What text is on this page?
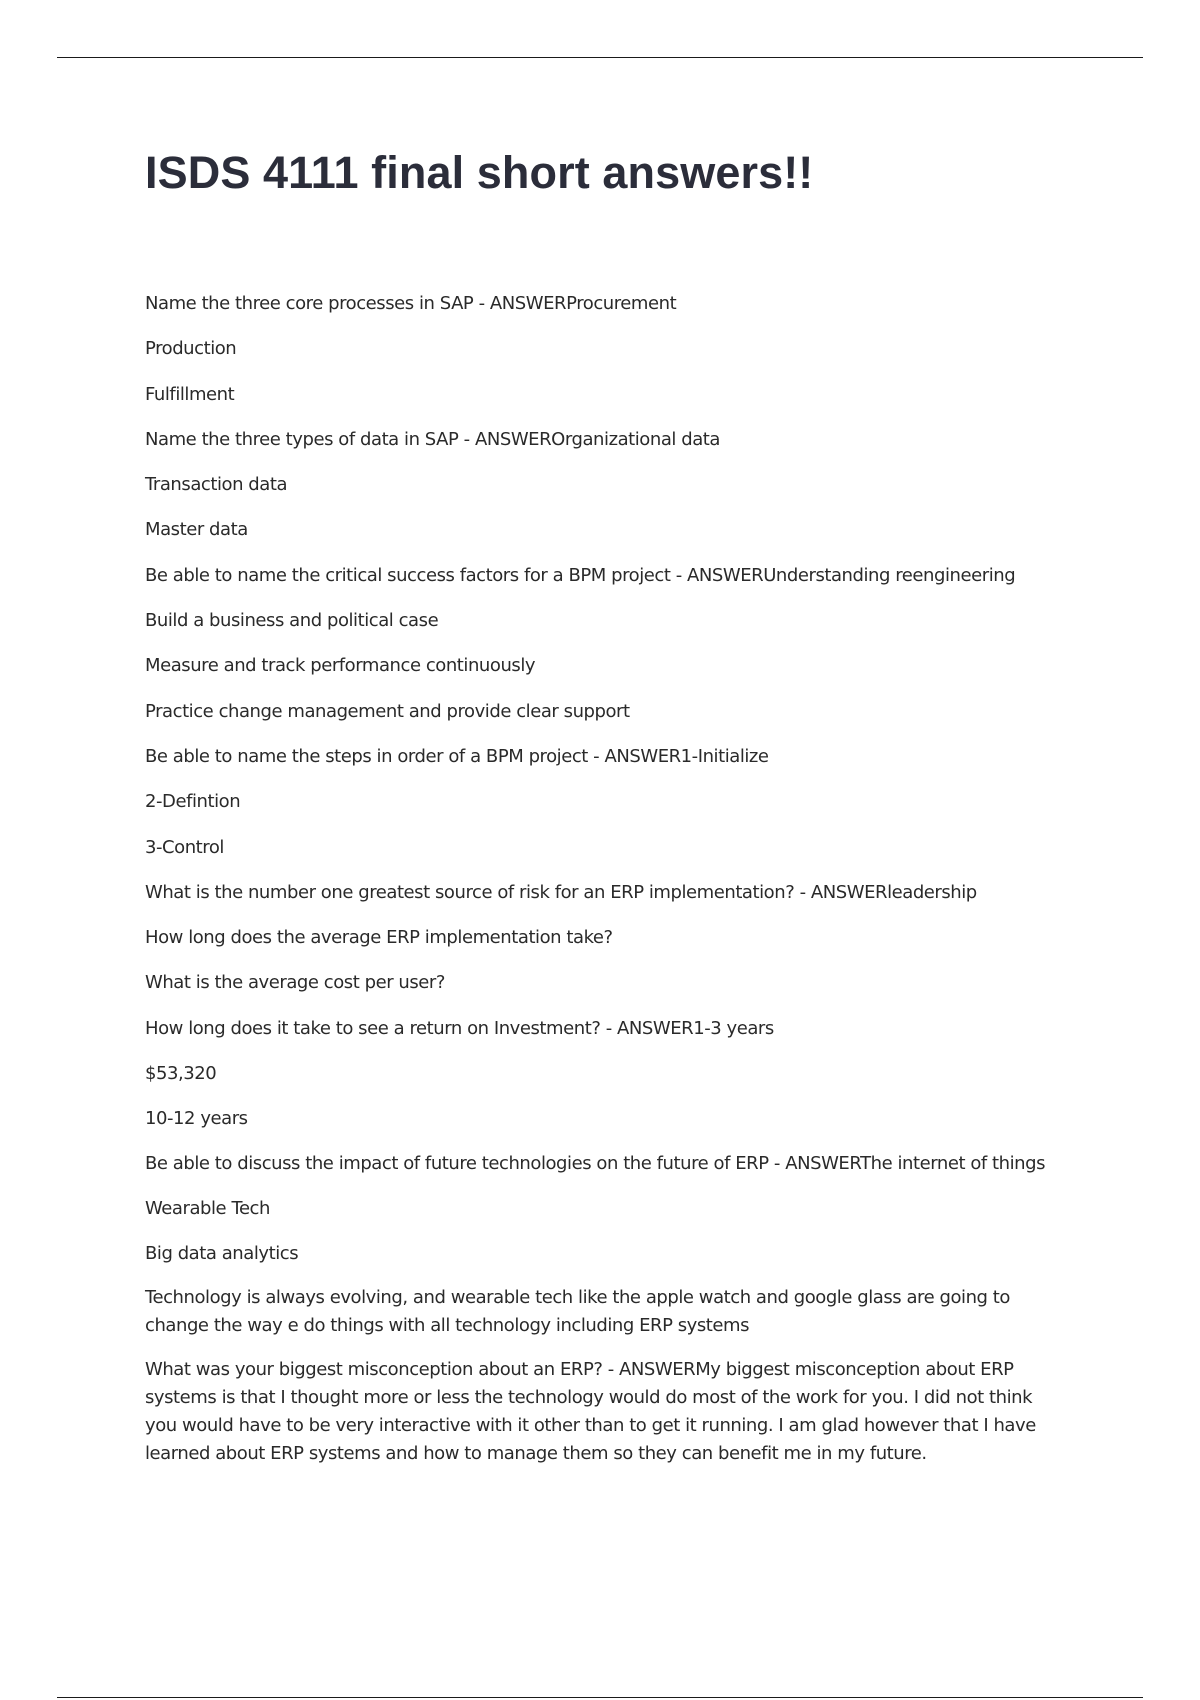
ISDS 4111 final short answers!!

Name the three core processes in SAP - ANSWERProcurement

Production

Fulfillment

Name the three types of data in SAP - ANSWEROrganizational data

Transaction data

Master data

Be able to name the critical success factors for a BPM project - ANSWERUnderstanding reengineering

Build a business and political case

Measure and track performance continuously

Practice change management and provide clear support

Be able to name the steps in order of a BPM project - ANSWER1-Initialize

2-Defintion

3-Control

What is the number one greatest source of risk for an ERP implementation? - ANSWERleadership

How long does the average ERP implementation take?

What is the average cost per user?

How long does it take to see a return on Investment? - ANSWER1-3 years

$53,320

10-12 years

Be able to discuss the impact of future technologies on the future of ERP - ANSWERThe internet of things

Wearable Tech

Big data analytics

Technology is always evolving, and wearable tech like the apple watch and google glass are going to change the way e do things with all technology including ERP systems

What was your biggest misconception about an ERP? - ANSWERMy biggest misconception about ERP systems is that I thought more or less the technology would do most of the work for you. I did not think you would have to be very interactive with it other than to get it running. I am glad however that I have learned about ERP systems and how to manage them so they can benefit me in my future.
